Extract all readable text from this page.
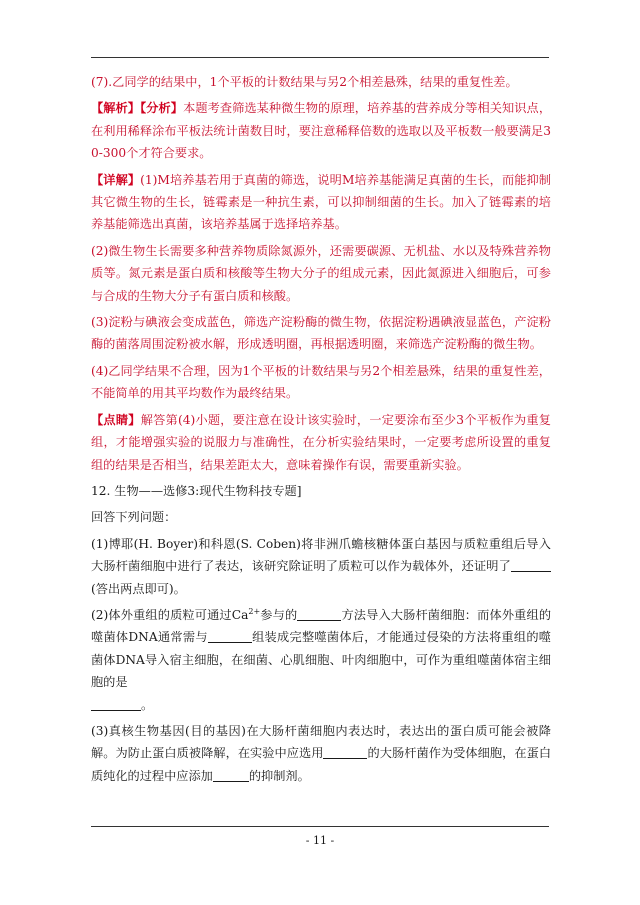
(7).乙同学的结果中，1个平板的计数结果与另2个相差悬殊，结果的重复性差。

【解析】【分析】本题考查筛选某种微生物的原理，培养基的营养成分等相关知识点，在利用稀释涂布平板法统计菌数目时，要注意稀释倍数的选取以及平板数一般要满足30-300个才符合要求。

【详解】(1)M培养基若用于真菌的筛选，说明M培养基能满足真菌的生长，而能抑制其它微生物的生长，链霉素是一种抗生素，可以抑制细菌的生长。加入了链霉素的培养基能筛选出真菌，该培养基属于选择培养基。

(2)微生物生长需要多种营养物质除氮源外，还需要碳源、无机盐、水以及特殊营养物质等。氮元素是蛋白质和核酸等生物大分子的组成元素，因此氮源进入细胞后，可参与合成的生物大分子有蛋白质和核酸。

(3)淀粉与碘液会变成蓝色，筛选产淀粉酶的微生物，依据淀粉遇碘液显蓝色，产淀粉酶的菌落周围淀粉被水解，形成透明圈，再根据透明圈，来筛选产淀粉酶的微生物。

(4)乙同学结果不合理，因为1个平板的计数结果与另2个相差悬殊，结果的重复性差，不能简单的用其平均数作为最终结果。

【点睛】解答第(4)小题，要注意在设计该实验时，一定要涂布至少3个平板作为重复组，才能增强实验的说服力与准确性，在分析实验结果时，一定要考虑所设置的重复组的结果是否相当，结果差距太大，意味着操作有误，需要重新实验。

12. 生物——选修3:现代生物科技专题]

回答下列问题：

(1)博耶(H. Boyer)和科恩(S. Coben)将非洲爪蟾核糖体蛋白基因与质粒重组后导入大肠杆菌细胞中进行了表达，该研究除证明了质粒可以作为载体外，还证明了(答出两点即可)。

(2)体外重组的质粒可通过$Ca^{2+}$参与的	方法导入大肠杆菌细胞：而体外重组的噬菌体DNA通常需与	组装成完整噬菌体后，才能通过侵染的方法将重组的噬菌体DNA导入宿主细胞，在细菌、心肌细胞、叶肉细胞中，可作为重组噬菌体宿主细胞的是
。

(3)真核生物基因(目的基因)在大肠杆菌细胞内表达时，表达出的蛋白质可能会被降解。为防止蛋白质被降解，在实验中应选用	的大肠杆菌作为受体细胞，在蛋白质纯化的过程中应添加	的抑制剂。

- 11 -
